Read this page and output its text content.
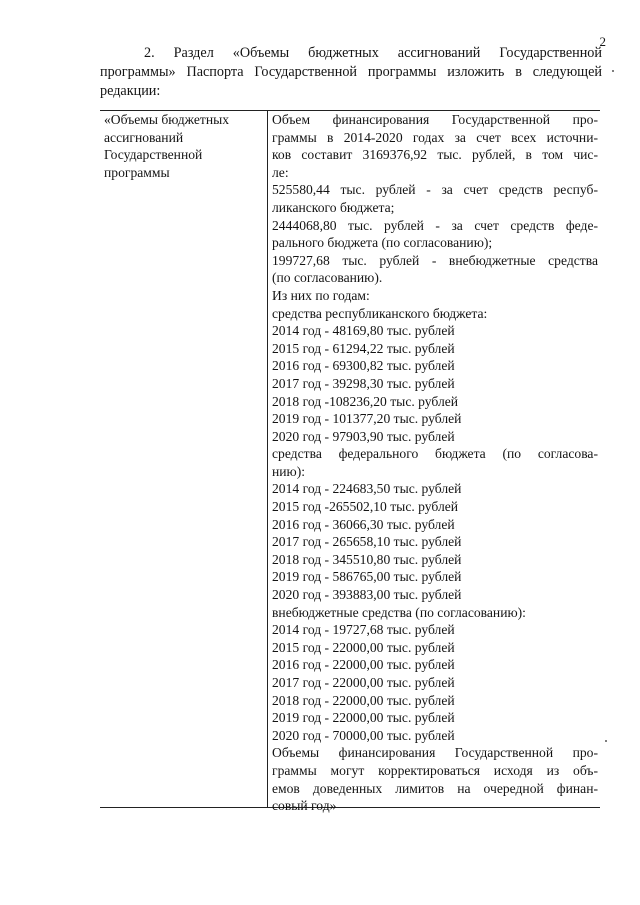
2
2. Раздел «Объемы бюджетных ассигнований Государственной программы» Паспорта Государственной программы изложить в следующей редакции:
«Объемы бюджетных
ассигнований
Государственной
программы
Объем финансирования Государственной про-
граммы в 2014-2020 годах за счет всех источни-
ков составит 3169376,92 тыс. рублей, в том чис-
ле:
525580,44 тыс. рублей - за счет средств респуб-
ликанского бюджета;
2444068,80 тыс. рублей - за счет средств феде-
рального бюджета (по согласованию);
199727,68 тыс. рублей - внебюджетные средства
(по согласованию).
Из них по годам:
средства республиканского бюджета:
2014 год - 48169,80 тыс. рублей
2015 год - 61294,22 тыс. рублей
2016 год - 69300,82 тыс. рублей
2017 год - 39298,30 тыс. рублей
2018 год -108236,20 тыс. рублей
2019 год - 101377,20 тыс. рублей
2020 год - 97903,90 тыс. рублей
средства федерального бюджета (по согласова-
нию):
2014 год - 224683,50 тыс. рублей
2015 год -265502,10 тыс. рублей
2016 год - 36066,30 тыс. рублей
2017 год - 265658,10 тыс. рублей
2018 год - 345510,80 тыс. рублей
2019 год - 586765,00 тыс. рублей
2020 год - 393883,00 тыс. рублей
внебюджетные средства (по согласованию):
2014 год - 19727,68 тыс. рублей
2015 год - 22000,00 тыс. рублей
2016 год - 22000,00 тыс. рублей
2017 год - 22000,00 тыс. рублей
2018 год - 22000,00 тыс. рублей
2019 год - 22000,00 тыс. рублей
2020 год - 70000,00 тыс. рублей
Объемы финансирования Государственной про-
граммы могут корректироваться исходя из объ-
емов доведенных лимитов на очередной финан-
совый год»
